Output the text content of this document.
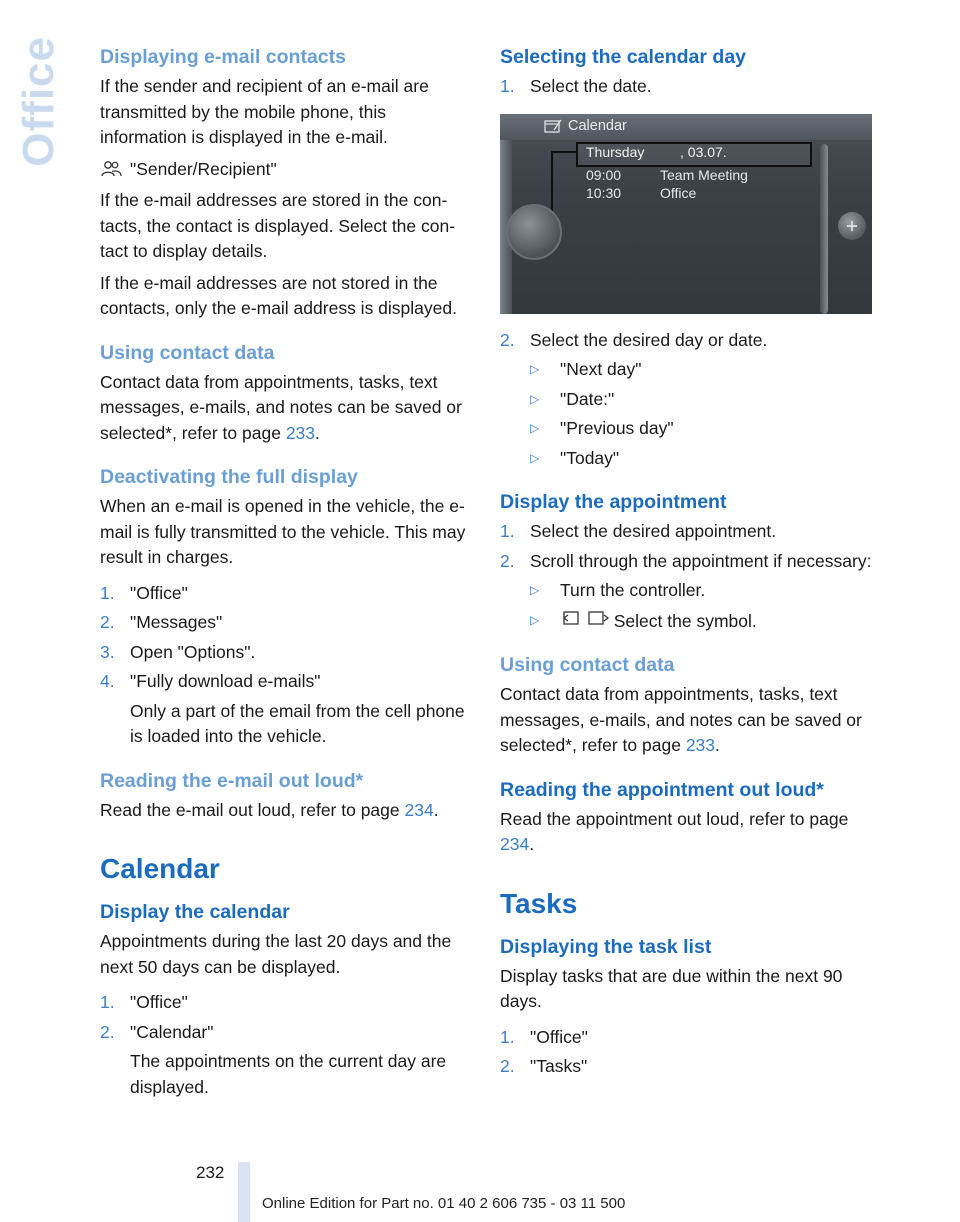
Office Displaying e-mail contacts

If the sender and recipient of an e-mail are transmitted by the mobile phone, this information is displayed in the e-mail.

"Sender/Recipient"

If the e-mail addresses are stored in the contacts, the contact is displayed. Select the contact to display details.

If the e-mail addresses are not stored in the contacts, only the e-mail address is displayed.

Using contact data

Contact data from appointments, tasks, text messages, e-mails, and notes can be saved or selected*, refer to page 233.

Deactivating the full display

When an e-mail is opened in the vehicle, the e-mail is fully transmitted to the vehicle. This may result in charges.

1. "Office"
2. "Messages"
3. Open "Options".
4. "Fully download e-mails"
Only a part of the email from the cell phone is loaded into the vehicle.
Reading the e-mail out loud*

Read the e-mail out loud, refer to page 234.

Calendar
Display the calendar

Appointments during the last 20 days and the next 50 days can be displayed.

1. "Office"
2. "Calendar"
The appointments on the current day are displayed.
Selecting the calendar day
1. Select the date.
Calendar
Thursday	, 03.07.
09:00	Team Meeting
10:30	Office
2. Select the desired day or date.
▷ "Next day"
▷ "Date:"
▷ "Previous day"
▷ "Today"
Display the appointment
1. Select the desired appointment.
2. Scroll through the appointment if necessary:
▷ Turn the controller.
▷
	Select the symbol.
Using contact data

Contact data from appointments, tasks, text messages, e-mails, and notes can be saved or selected*, refer to page 233.

Reading the appointment out loud*

Read the appointment out loud, refer to page 234.

Tasks
Displaying the task list

Display tasks that are due within the next 90 days.

1. "Office"
2. "Tasks"
232
Online Edition for Part no. 01 40 2 606 735 - 03 11 500
